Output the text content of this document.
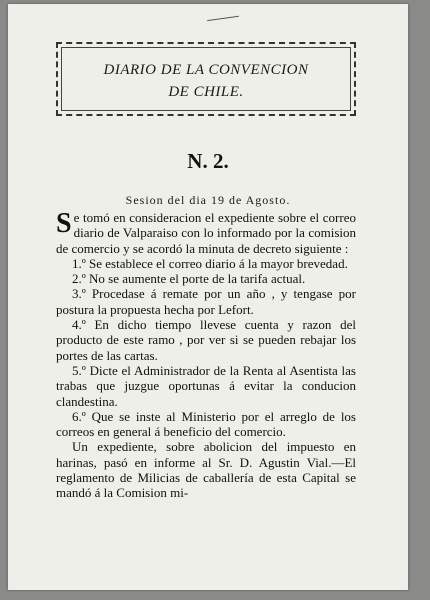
DIARIO DE LA CONVENCION
DE CHILE.
N. 2.
Sesion del dia 19 de Agosto.

Se tomó en consideracion el expediente sobre el correo diario de Valparaiso con lo informado por la comision de comercio y se acordó la minuta de decreto siguiente :

1.º Se establece el correo diario á la mayor brevedad.

2.º No se aumente el porte de la tarifa actual.

3.º Procedase á remate por un año , y tengase por postura la propuesta hecha por Lefort.

4.º En dicho tiempo llevese cuenta y razon del producto de este ramo , por ver si se pueden rebajar los portes de las cartas.

5.º Dicte el Administrador de la Renta al Asentista las trabas que juzgue oportunas á evitar la conducion clandestina.

6.º Que se inste al Ministerio por el arreglo de los correos en general á beneficio del comercio.

Un expediente, sobre abolicion del impuesto en harinas, pasó en informe al Sr. D. Agustin Vial.—El reglamento de Milicias de caballería de esta Capital se mandó á la Comision mi-
